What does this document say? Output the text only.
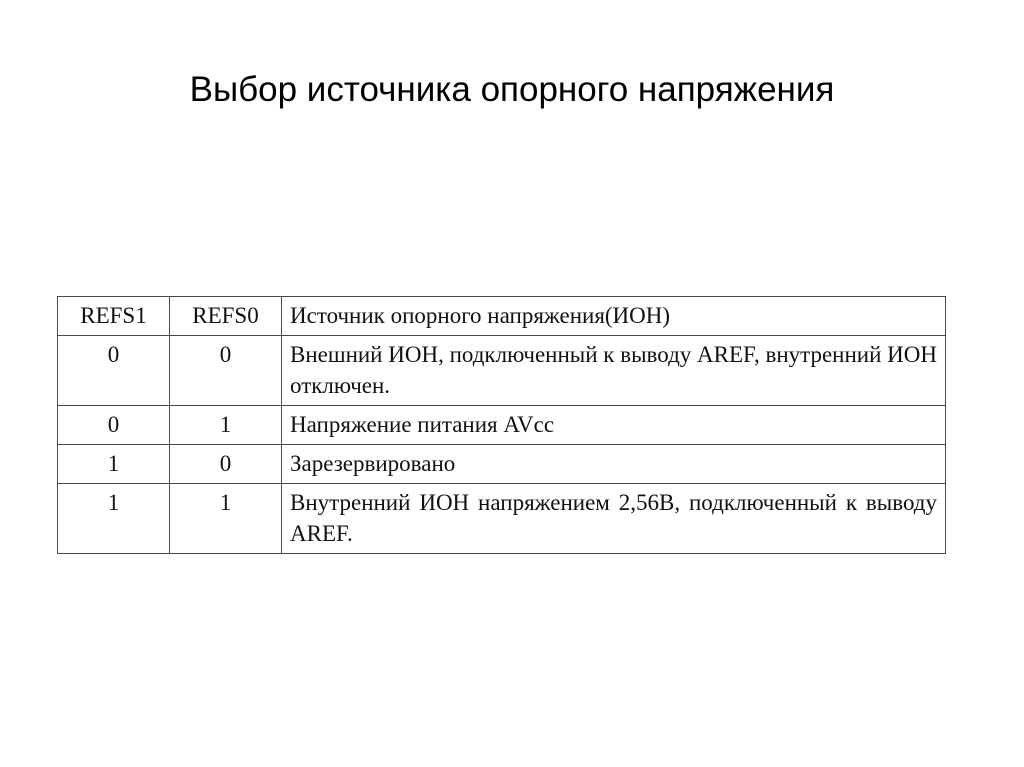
Выбор источника опорного напряжения
REFS1	REFS0	Источник опорного напряжения(ИОН)
0	0	Внешний ИОН, подключенный к выводу AREF, внутренний ИОН отключен.
0	1	Напряжение питания AVcc
1	0	Зарезервировано
1	1	Внутренний ИОН напряжением 2,56В, подключенный к выводу AREF.
